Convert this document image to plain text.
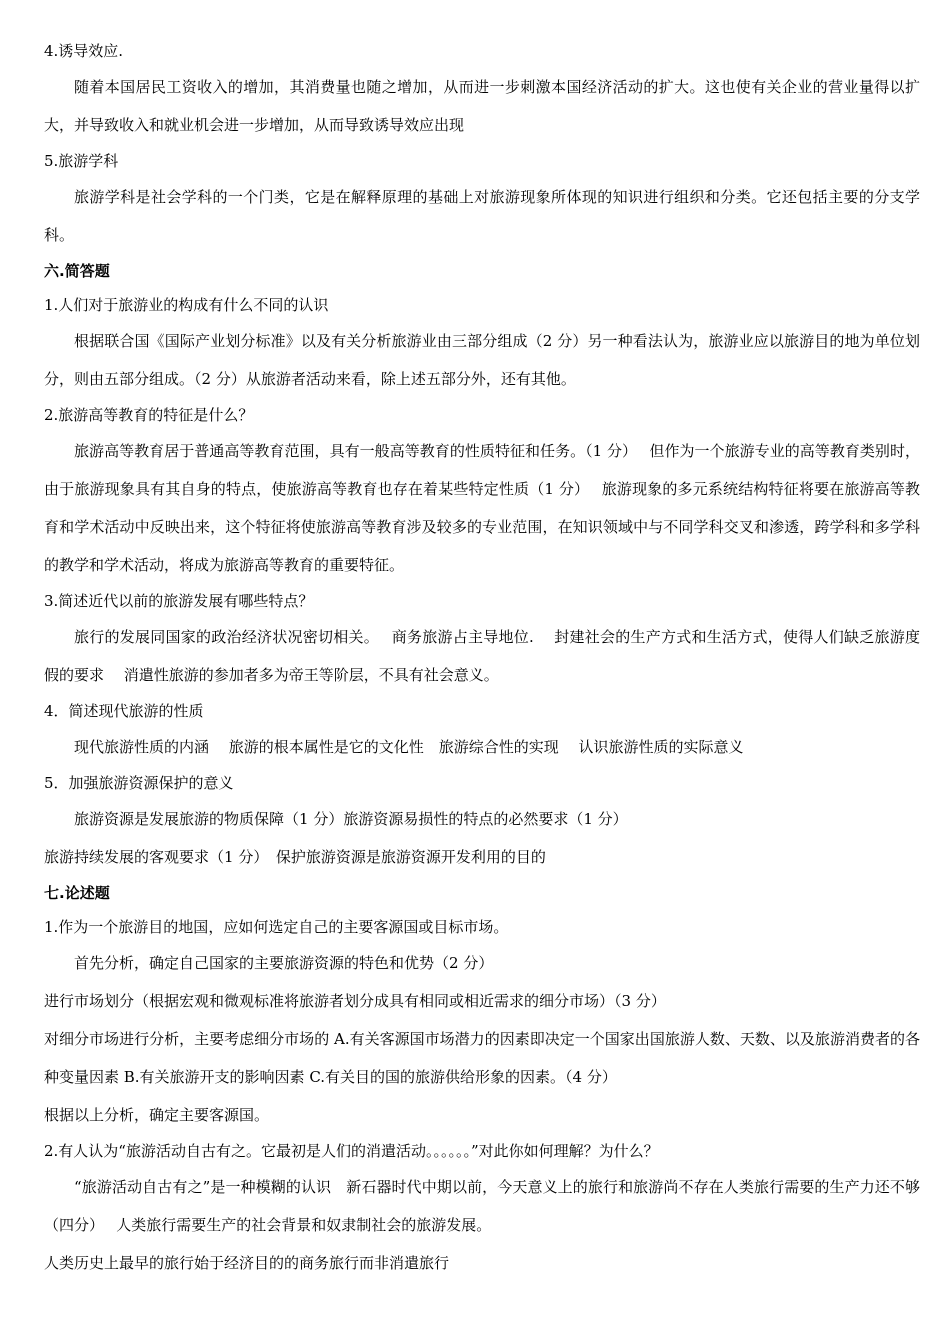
4.诱导效应.
随着本国居民工资收入的增加，其消费量也随之增加，从而进一步刺激本国经济活动的扩大。这也使有关企业的营业量得以扩大，并导致收入和就业机会进一步增加，从而导致诱导效应出现
5.旅游学科
旅游学科是社会学科的一个门类，它是在解释原理的基础上对旅游现象所体现的知识进行组织和分类。它还包括主要的分支学科。
六.简答题
1.人们对于旅游业的构成有什么不同的认识
根据联合国《国际产业划分标准》以及有关分析旅游业由三部分组成（2 分）另一种看法认为，旅游业应以旅游目的地为单位划分，则由五部分组成。（2 分）从旅游者活动来看，除上述五部分外，还有其他。
2.旅游高等教育的特征是什么？
旅游高等教育居于普通高等教育范围，具有一般高等教育的性质特征和任务。（1 分）　 但作为一个旅游专业的高等教育类别时，由于旅游现象具有其自身的特点，使旅游高等教育也存在着某些特定性质（1 分）　 旅游现象的多元系统结构特征将要在旅游高等教育和学术活动中反映出来，这个特征将使旅游高等教育涉及较多的专业范围，在知识领域中与不同学科交叉和渗透，跨学科和多学科的教学和学术活动，将成为旅游高等教育的重要特征。
3.简述近代以前的旅游发展有哪些特点？
旅行的发展同国家的政治经济状况密切相关。　 商务旅游占主导地位.　 封建社会的生产方式和生活方式，使得人们缺乏旅游度假的要求　 消遣性旅游的参加者多为帝王等阶层，不具有社会意义。
4．简述现代旅游的性质
现代旅游性质的内涵　 旅游的根本属性是它的文化性　旅游综合性的实现　 认识旅游性质的实际意义
5．加强旅游资源保护的意义
旅游资源是发展旅游的物质保障（1 分）旅游资源易损性的特点的必然要求（1 分）
旅游持续发展的客观要求（1 分）　保护旅游资源是旅游资源开发利用的目的
七.论述题
1.作为一个旅游目的地国，应如何选定自己的主要客源国或目标市场。
首先分析，确定自己国家的主要旅游资源的特色和优势（2 分）
进行市场划分（根据宏观和微观标准将旅游者划分成具有相同或相近需求的细分市场）（3 分）
对细分市场进行分析，主要考虑细分市场的 A.有关客源国市场潜力的因素即决定一个国家出国旅游人数、天数、以及旅游消费者的各种变量因素 B.有关旅游开支的影响因素 C.有关目的国的旅游供给形象的因素。（4 分）
根据以上分析，确定主要客源国。
2.有人认为“旅游活动自古有之。它最初是人们的消遣活动。。。。。。”对此你如何理解？为什么？
“旅游活动自古有之”是一种模糊的认识　新石器时代中期以前，今天意义上的旅行和旅游尚不存在人类旅行需要的生产力还不够（四分）　 人类旅行需要生产的社会背景和奴隶制社会的旅游发展。
人类历史上最早的旅行始于经济目的的商务旅行而非消遣旅行
